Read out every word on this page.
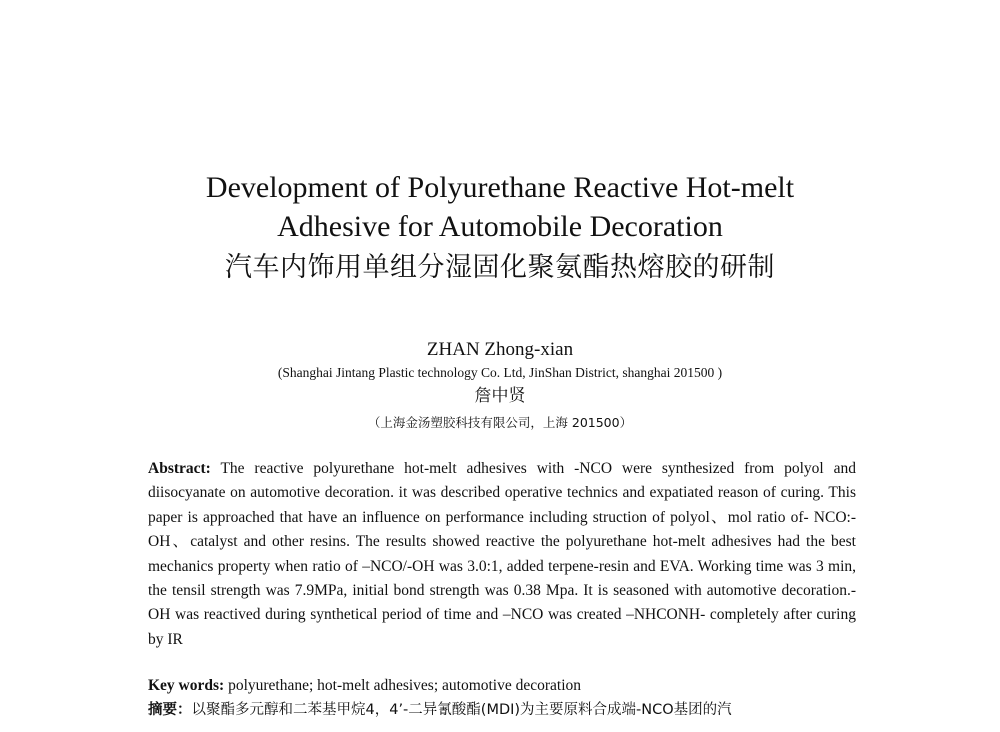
Development of Polyurethane Reactive Hot-melt
Adhesive for Automobile Decoration
汽车内饰用单组分湿固化聚氨酯热熔胶的研制
ZHAN Zhong-xian
(Shanghai Jintang Plastic technology Co. Ltd, JinShan District, shanghai 201500 )
詹中贤
（上海金汤塑胶科技有限公司，上海 201500）

Abstract: The reactive polyurethane hot-melt adhesives with -NCO were synthesized from polyol and diisocyanate on automotive decoration. it was described operative technics and expatiated reason of curing. This paper is approached that have an influence on performance including struction of polyol、mol ratio of- NCO:-OH、catalyst and other resins. The results showed reactive the polyurethane hot-melt adhesives had the best mechanics property when ratio of –NCO/-OH was 3.0:1, added terpene-resin and EVA. Working time was 3 min, the tensil strength was 7.9MPa, initial bond strength was 0.38 Mpa. It is seasoned with automotive decoration.-OH was reactived during synthetical period of time and –NCO was created –NHCONH- completely after curing by IR

Key words: polyurethane; hot-melt adhesives; automotive decoration

摘要：以聚酯多元醇和二苯基甲烷4，4’-二异氰酸酯(MDI)为主要原料合成端-NCO基团的汽
